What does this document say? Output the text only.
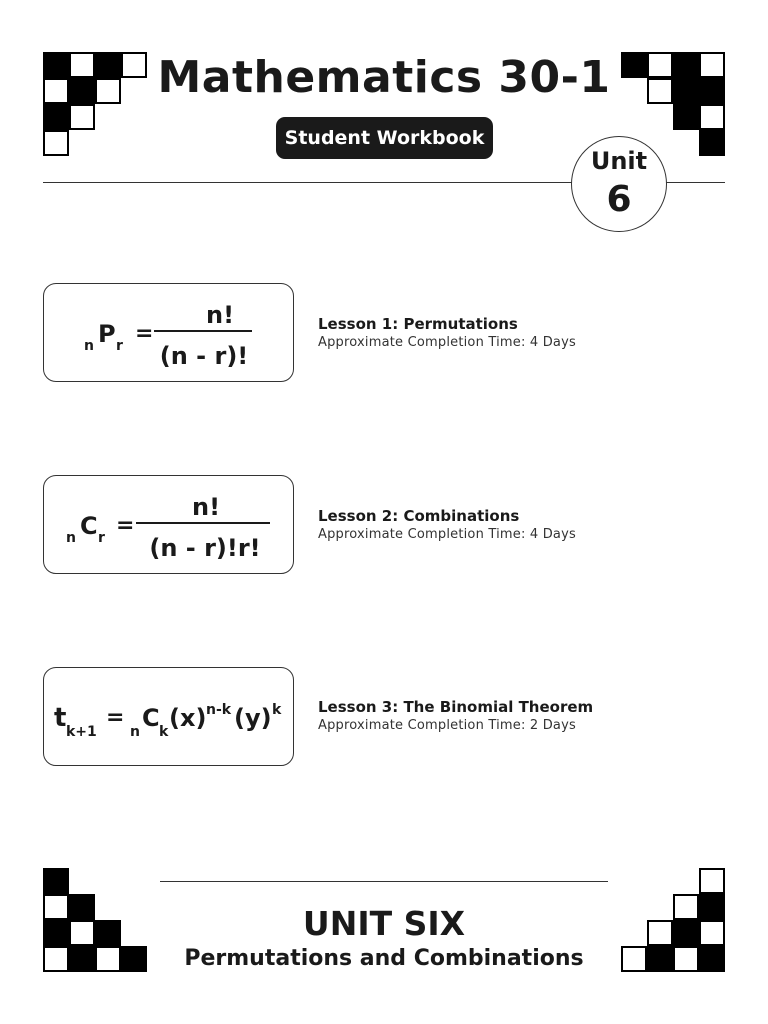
Mathematics 30-1
Student Workbook
Unit
6
n P r =
n!
(n - r)!
Lesson 1: Permutations
Approximate Completion Time: 4 Days
n C r =
n!
(n - r)!r!
Lesson 2: Combinations
Approximate Completion Time: 4 Days
t k+1
=
n C k (x) n-k (y) k Lesson 3: The Binomial Theorem
Approximate Completion Time: 2 Days
UNIT SIX
Permutations and Combinations
